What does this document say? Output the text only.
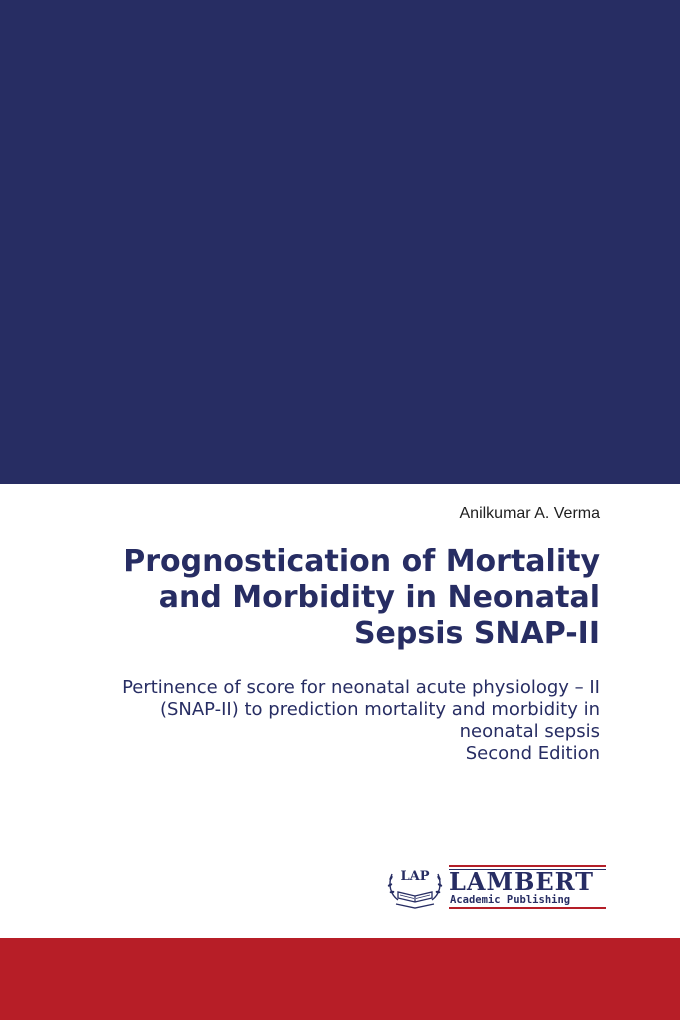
Anilkumar A. Verma
Prognostication of Mortality
and Morbidity in Neonatal
Sepsis SNAP-II
Pertinence of score for neonatal acute physiology – II
(SNAP-II) to prediction mortality and morbidity in
neonatal sepsis
Second Edition
LAP LAMBERT
Academic Publishing
